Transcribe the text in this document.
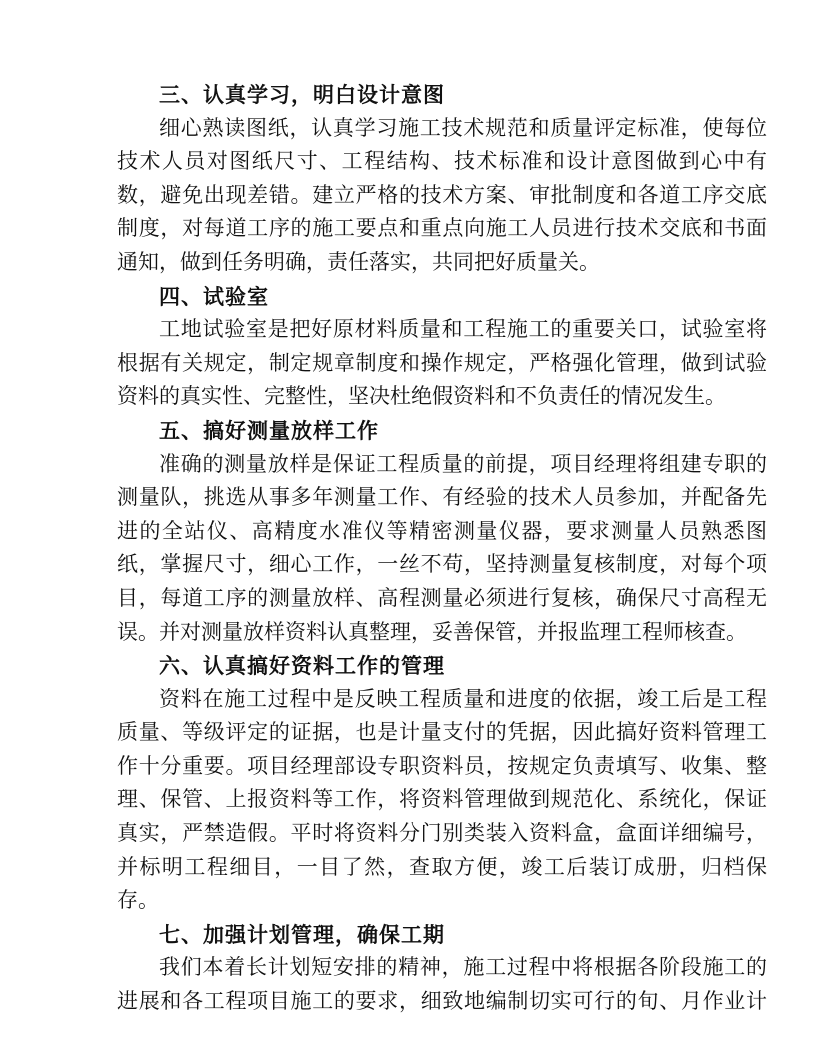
三、认真学习，明白设计意图
细心熟读图纸，认真学习施工技术规范和质量评定标准，使每位技术人员对图纸尺寸、工程结构、技术标准和设计意图做到心中有数，避免出现差错。建立严格的技术方案、审批制度和各道工序交底制度，对每道工序的施工要点和重点向施工人员进行技术交底和书面通知，做到任务明确，责任落实，共同把好质量关。
四、试验室
工地试验室是把好原材料质量和工程施工的重要关口，试验室将根据有关规定，制定规章制度和操作规定，严格强化管理，做到试验资料的真实性、完整性，坚决杜绝假资料和不负责任的情况发生。
五、搞好测量放样工作
准确的测量放样是保证工程质量的前提，项目经理将组建专职的测量队，挑选从事多年测量工作、有经验的技术人员参加，并配备先进的全站仪、高精度水准仪等精密测量仪器，要求测量人员熟悉图纸，掌握尺寸，细心工作，一丝不苟，坚持测量复核制度，对每个项目，每道工序的测量放样、高程测量必须进行复核，确保尺寸高程无误。并对测量放样资料认真整理，妥善保管，并报监理工程师核查。
六、认真搞好资料工作的管理
资料在施工过程中是反映工程质量和进度的依据，竣工后是工程质量、等级评定的证据，也是计量支付的凭据，因此搞好资料管理工作十分重要。项目经理部设专职资料员，按规定负责填写、收集、整理、保管、上报资料等工作，将资料管理做到规范化、系统化，保证真实，严禁造假。平时将资料分门别类装入资料盒，盒面详细编号，并标明工程细目，一目了然，查取方便，竣工后装订成册，归档保存。
七、加强计划管理，确保工期
我们本着长计划短安排的精神，施工过程中将根据各阶段施工的进展和各工程项目施工的要求，细致地编制切实可行的旬、月作业计
